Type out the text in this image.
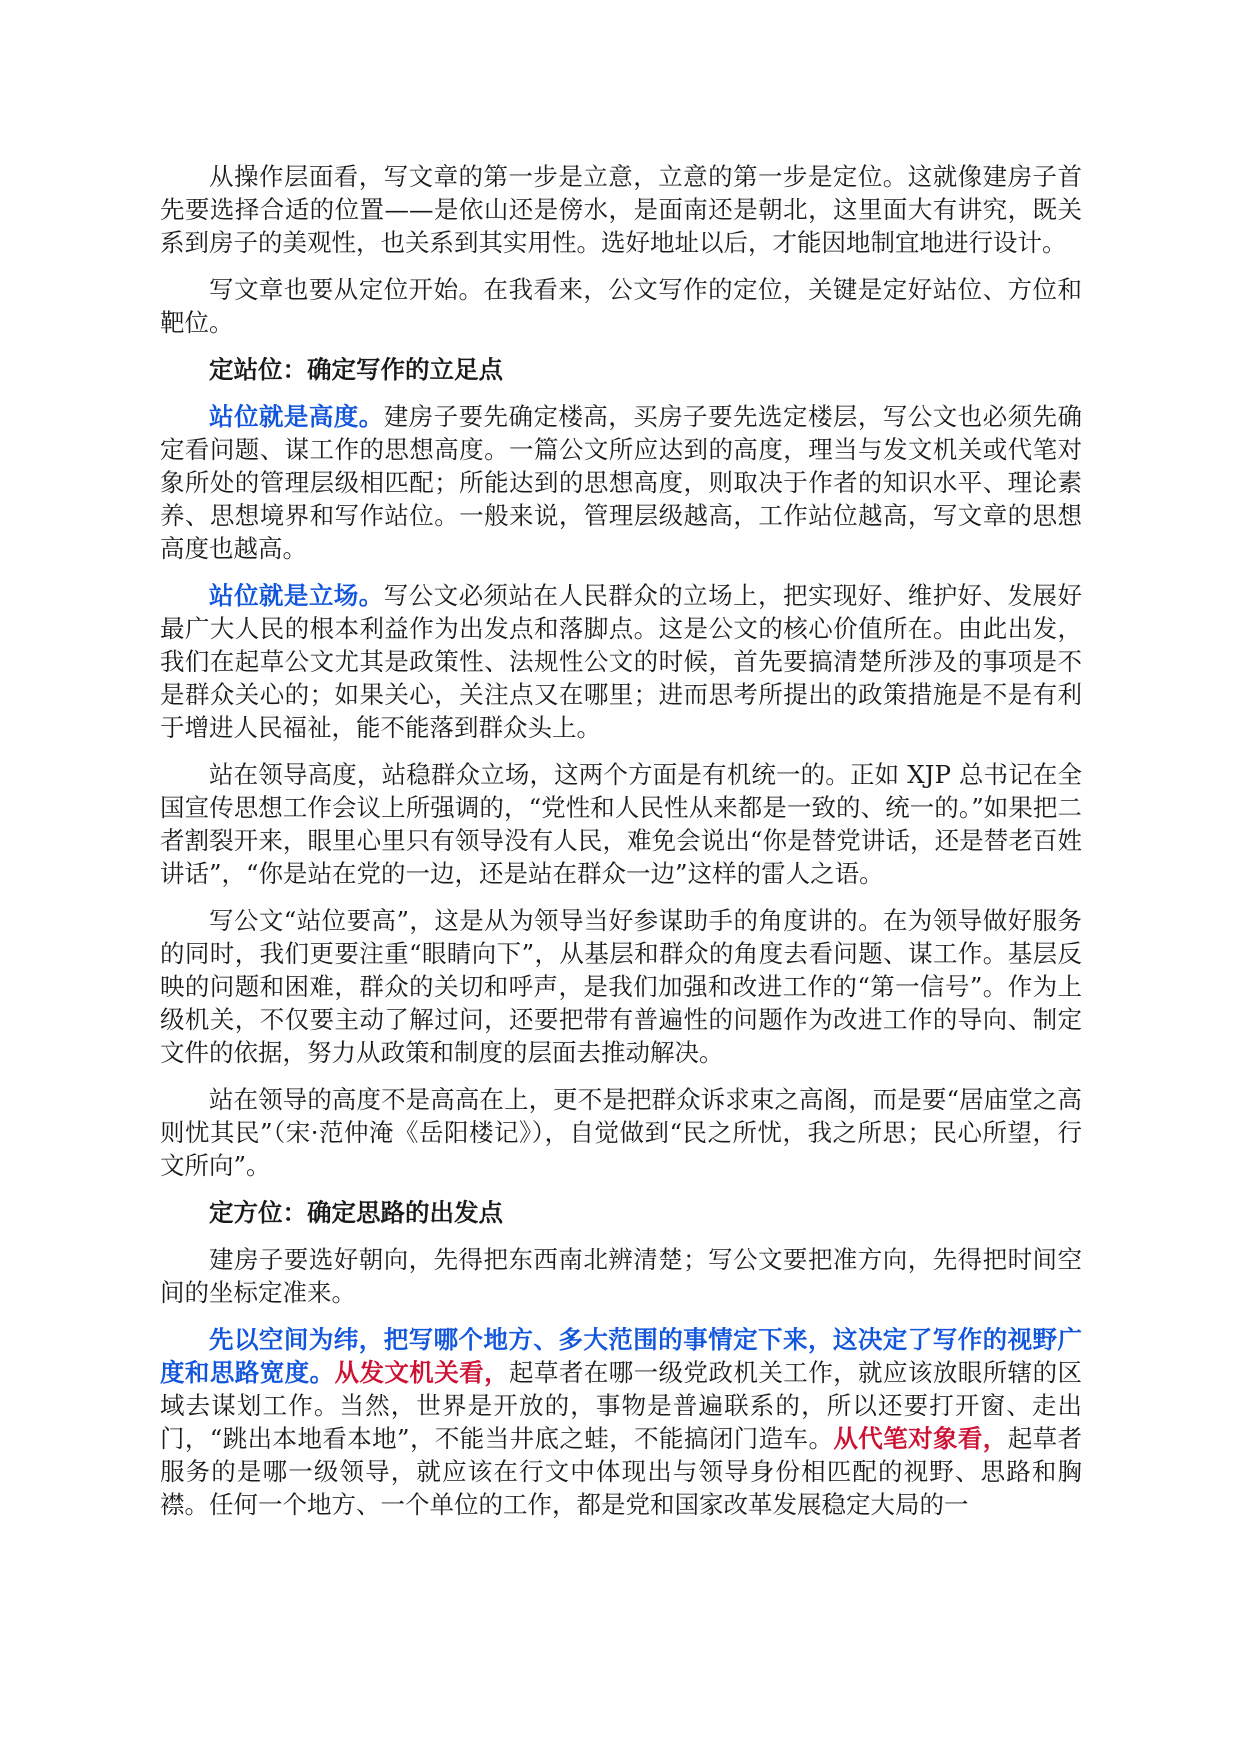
从操作层面看，写文章的第一步是立意，立意的第一步是定位。这就像建房子首先要选择合适的位置——是依山还是傍水，是面南还是朝北，这里面大有讲究，既关系到房子的美观性，也关系到其实用性。选好地址以后，才能因地制宜地进行设计。

写文章也要从定位开始。在我看来，公文写作的定位，关键是定好站位、方位和靶位。

定站位：确定写作的立足点

站位就是高度。建房子要先确定楼高，买房子要先选定楼层，写公文也必须先确定看问题、谋工作的思想高度。一篇公文所应达到的高度，理当与发文机关或代笔对象所处的管理层级相匹配；所能达到的思想高度，则取决于作者的知识水平、理论素养、思想境界和写作站位。一般来说，管理层级越高，工作站位越高，写文章的思想高度也越高。

站位就是立场。写公文必须站在人民群众的立场上，把实现好、维护好、发展好最广大人民的根本利益作为出发点和落脚点。这是公文的核心价值所在。由此出发，我们在起草公文尤其是政策性、法规性公文的时候，首先要搞清楚所涉及的事项是不是群众关心的；如果关心，关注点又在哪里；进而思考所提出的政策措施是不是有利于增进人民福祉，能不能落到群众头上。

站在领导高度，站稳群众立场，这两个方面是有机统一的。正如 XJP 总书记在全国宣传思想工作会议上所强调的，“党性和人民性从来都是一致的、统一的。”如果把二者割裂开来，眼里心里只有领导没有人民，难免会说出“你是替党讲话，还是替老百姓讲话”，“你是站在党的一边，还是站在群众一边”这样的雷人之语。

写公文“站位要高”，这是从为领导当好参谋助手的角度讲的。在为领导做好服务的同时，我们更要注重“眼睛向下”，从基层和群众的角度去看问题、谋工作。基层反映的问题和困难，群众的关切和呼声，是我们加强和改进工作的“第一信号”。作为上级机关，不仅要主动了解过问，还要把带有普遍性的问题作为改进工作的导向、制定文件的依据，努力从政策和制度的层面去推动解决。

站在领导的高度不是高高在上，更不是把群众诉求束之高阁，而是要“居庙堂之高则忧其民”（宋·范仲淹《岳阳楼记》），自觉做到“民之所忧，我之所思；民心所望，行文所向”。

定方位：确定思路的出发点

建房子要选好朝向，先得把东西南北辨清楚；写公文要把准方向，先得把时间空间的坐标定准来。

先以空间为纬，把写哪个地方、多大范围的事情定下来，这决定了写作的视野广度和思路宽度。从发文机关看，起草者在哪一级党政机关工作，就应该放眼所辖的区域去谋划工作。当然，世界是开放的，事物是普遍联系的，所以还要打开窗、走出门，“跳出本地看本地”，不能当井底之蛙，不能搞闭门造车。从代笔对象看，起草者服务的是哪一级领导，就应该在行文中体现出与领导身份相匹配的视野、思路和胸襟。任何一个地方、一个单位的工作，都是党和国家改革发展稳定大局的一
